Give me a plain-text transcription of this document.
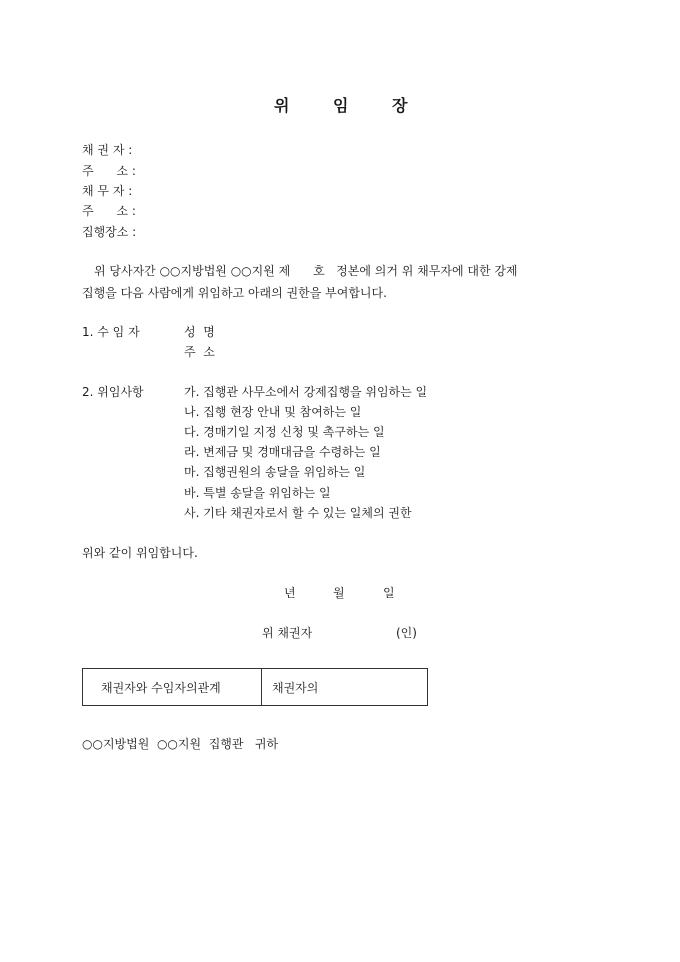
위	임	장
채 권 자 :
주      소 :
채 무 자 :
주      소 :
집행장소 :
위 당사자간 ○○지방법원 ○○지원 제      호   정본에 의거 위 채무자에 대한 강제
집행을 다음 사람에게 위임하고 아래의 권한을 부여합니다.
1. 수 임 자	성  명
주  소
2. 위임사항	가. 집행관 사무소에서 강제집행을 위임하는 일
나. 집행 현장 안내 및 참여하는 일
다. 경매기일 지정 신청 및 촉구하는 일
라. 변제금 및 경매대금을 수령하는 일
마. 집행권원의 송달을 위임하는 일
바. 특별 송달을 위임하는 일
사. 기타 채권자로서 할 수 있는 일체의 권한
위와 같이 위임합니다.
년	월	일
위 채권자	(인)
채권자와 수임자의관계	채권자의
○○지방법원  ○○지원  집행관   귀하
